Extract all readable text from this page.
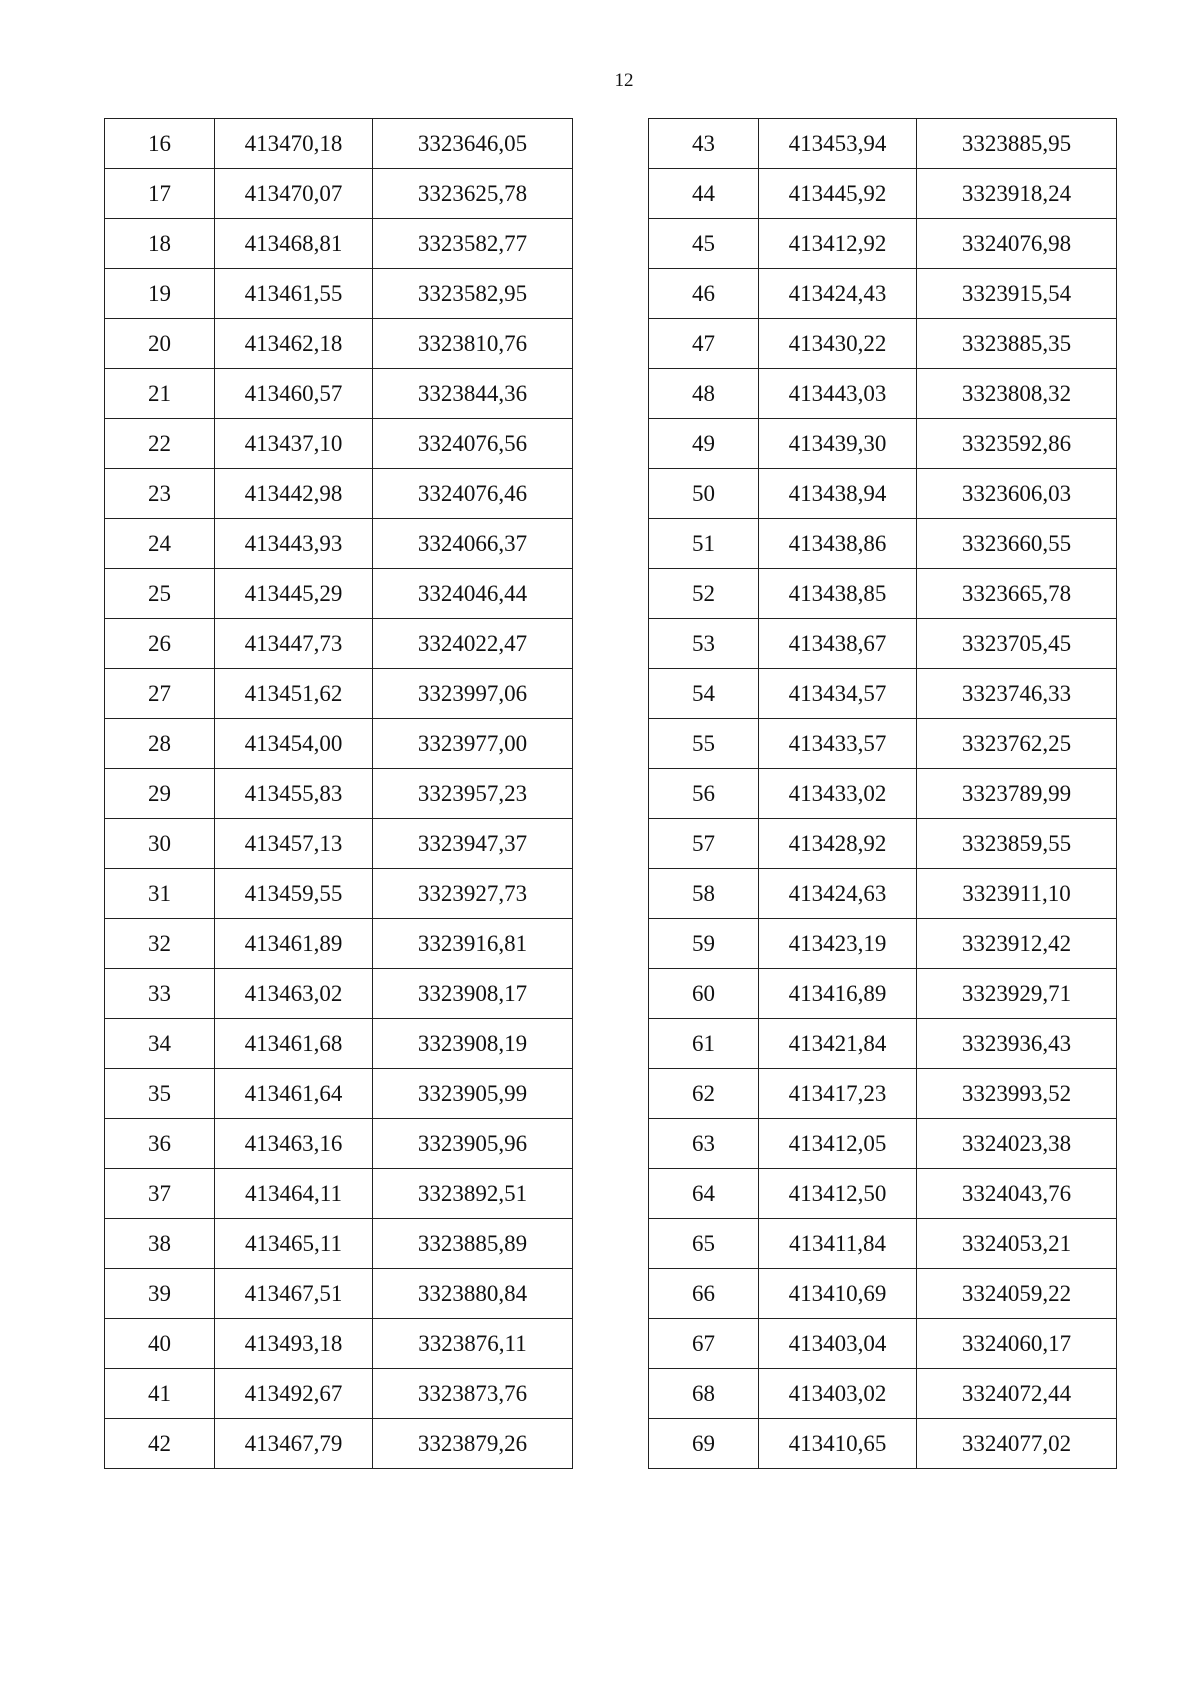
12
16	413470,18	3323646,05
17	413470,07	3323625,78
18	413468,81	3323582,77
19	413461,55	3323582,95
20	413462,18	3323810,76
21	413460,57	3323844,36
22	413437,10	3324076,56
23	413442,98	3324076,46
24	413443,93	3324066,37
25	413445,29	3324046,44
26	413447,73	3324022,47
27	413451,62	3323997,06
28	413454,00	3323977,00
29	413455,83	3323957,23
30	413457,13	3323947,37
31	413459,55	3323927,73
32	413461,89	3323916,81
33	413463,02	3323908,17
34	413461,68	3323908,19
35	413461,64	3323905,99
36	413463,16	3323905,96
37	413464,11	3323892,51
38	413465,11	3323885,89
39	413467,51	3323880,84
40	413493,18	3323876,11
41	413492,67	3323873,76
42	413467,79	3323879,26
43	413453,94	3323885,95
44	413445,92	3323918,24
45	413412,92	3324076,98
46	413424,43	3323915,54
47	413430,22	3323885,35
48	413443,03	3323808,32
49	413439,30	3323592,86
50	413438,94	3323606,03
51	413438,86	3323660,55
52	413438,85	3323665,78
53	413438,67	3323705,45
54	413434,57	3323746,33
55	413433,57	3323762,25
56	413433,02	3323789,99
57	413428,92	3323859,55
58	413424,63	3323911,10
59	413423,19	3323912,42
60	413416,89	3323929,71
61	413421,84	3323936,43
62	413417,23	3323993,52
63	413412,05	3324023,38
64	413412,50	3324043,76
65	413411,84	3324053,21
66	413410,69	3324059,22
67	413403,04	3324060,17
68	413403,02	3324072,44
69	413410,65	3324077,02
